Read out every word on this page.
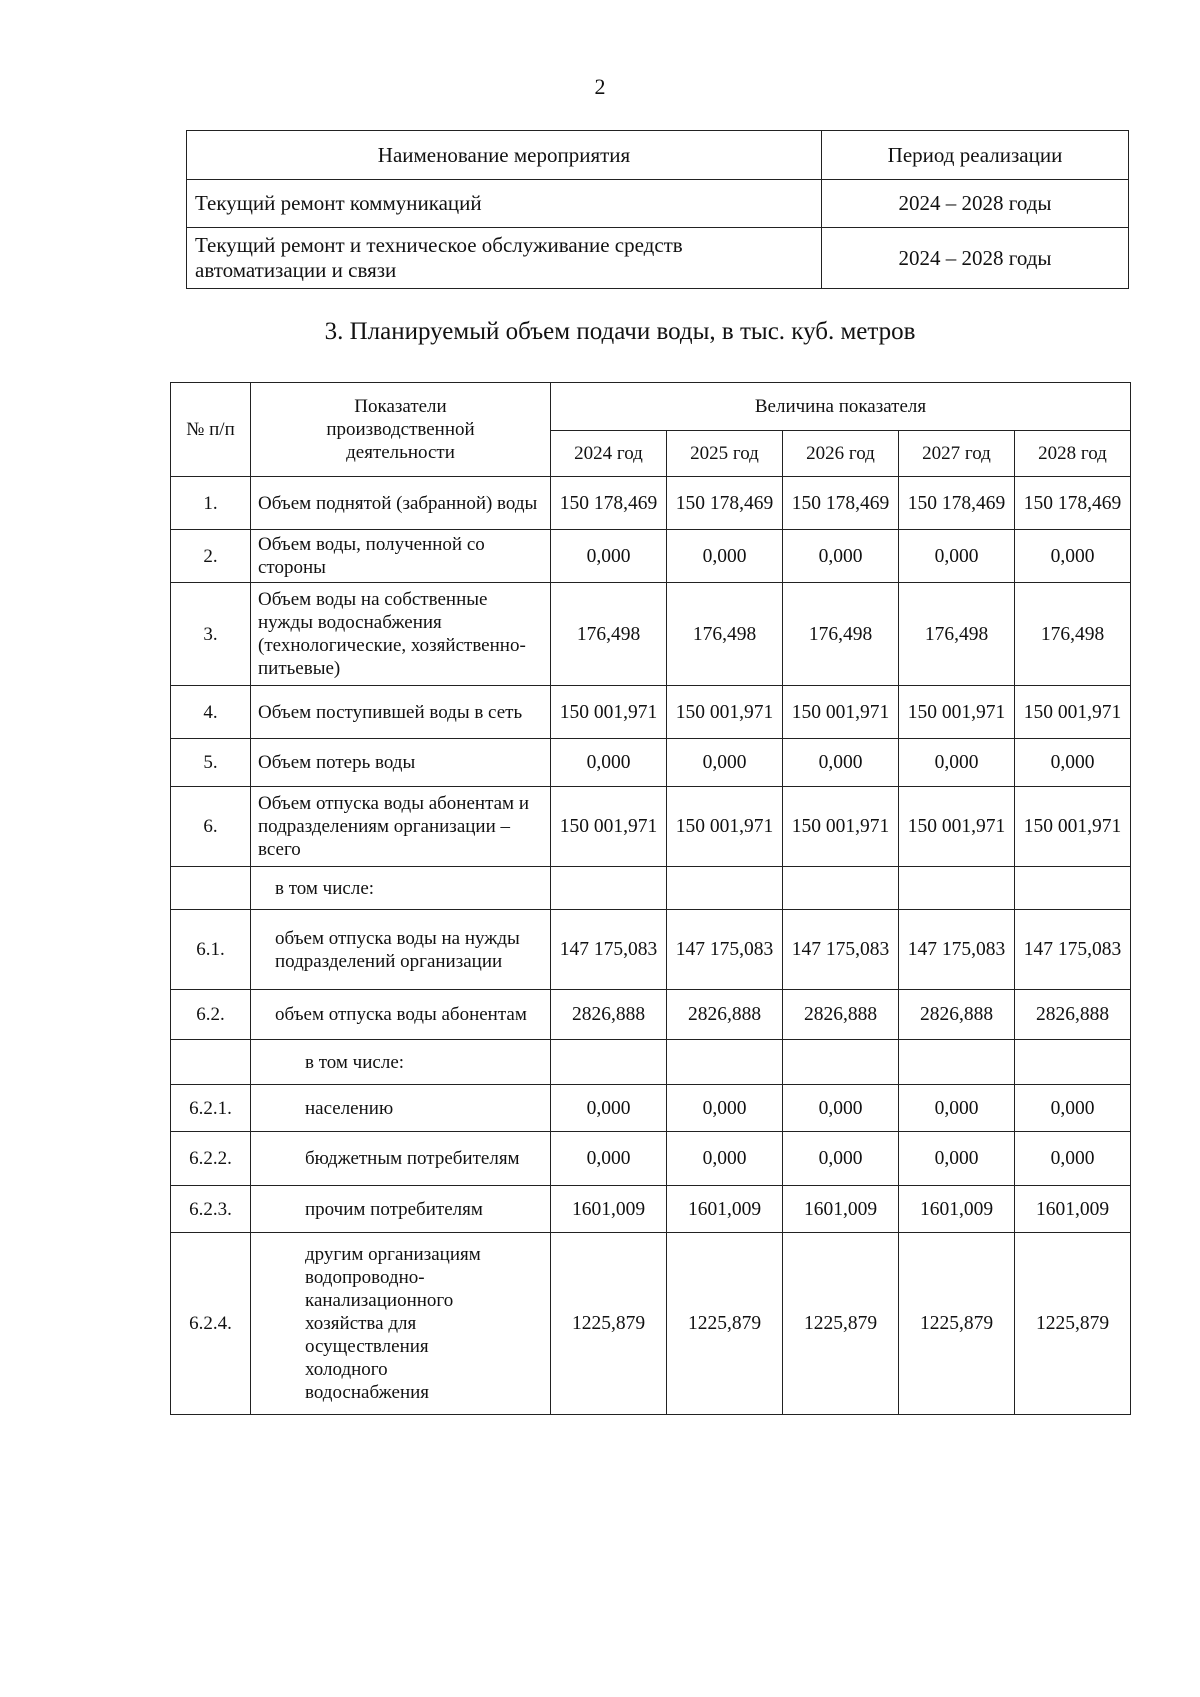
2
Наименование мероприятия	Период реализации
Текущий ремонт коммуникаций	2024 – 2028 годы
Текущий ремонт и техническое обслуживание средств автоматизации и связи	2024 – 2028 годы
3. Планируемый объем подачи воды, в тыс. куб. метров
№ п/п	Показатели производственной деятельности	Величина показателя				
		2024 год	2025 год	2026 год	2027 год	2028 год
1.	Объем поднятой (забранной) воды	150 178,469	150 178,469	150 178,469	150 178,469	150 178,469
2.	Объем воды, полученной со стороны	0,000	0,000	0,000	0,000	0,000
3.	Объем воды на собственные нужды водоснабжения (технологические, хозяйственно-питьевые)	176,498	176,498	176,498	176,498	176,498
4.	Объем поступившей воды в сеть	150 001,971	150 001,971	150 001,971	150 001,971	150 001,971
5.	Объем потерь воды	0,000	0,000	0,000	0,000	0,000
6.	Объем отпуска воды абонентам и подразделениям организации – всего	150 001,971	150 001,971	150 001,971	150 001,971	150 001,971
	в том числе:					
6.1.	объем отпуска воды на нужды подразделений организации	147 175,083	147 175,083	147 175,083	147 175,083	147 175,083
6.2.	объем отпуска воды абонентам	2826,888	2826,888	2826,888	2826,888	2826,888
	в том числе:					
6.2.1.	населению	0,000	0,000	0,000	0,000	0,000
6.2.2.	бюджетным потребителям	0,000	0,000	0,000	0,000	0,000
6.2.3.	прочим потребителям	1601,009	1601,009	1601,009	1601,009	1601,009
6.2.4.	другим организациям водопроводно-канализационного хозяйства для осуществления холодного водоснабжения	1225,879	1225,879	1225,879	1225,879	1225,879
